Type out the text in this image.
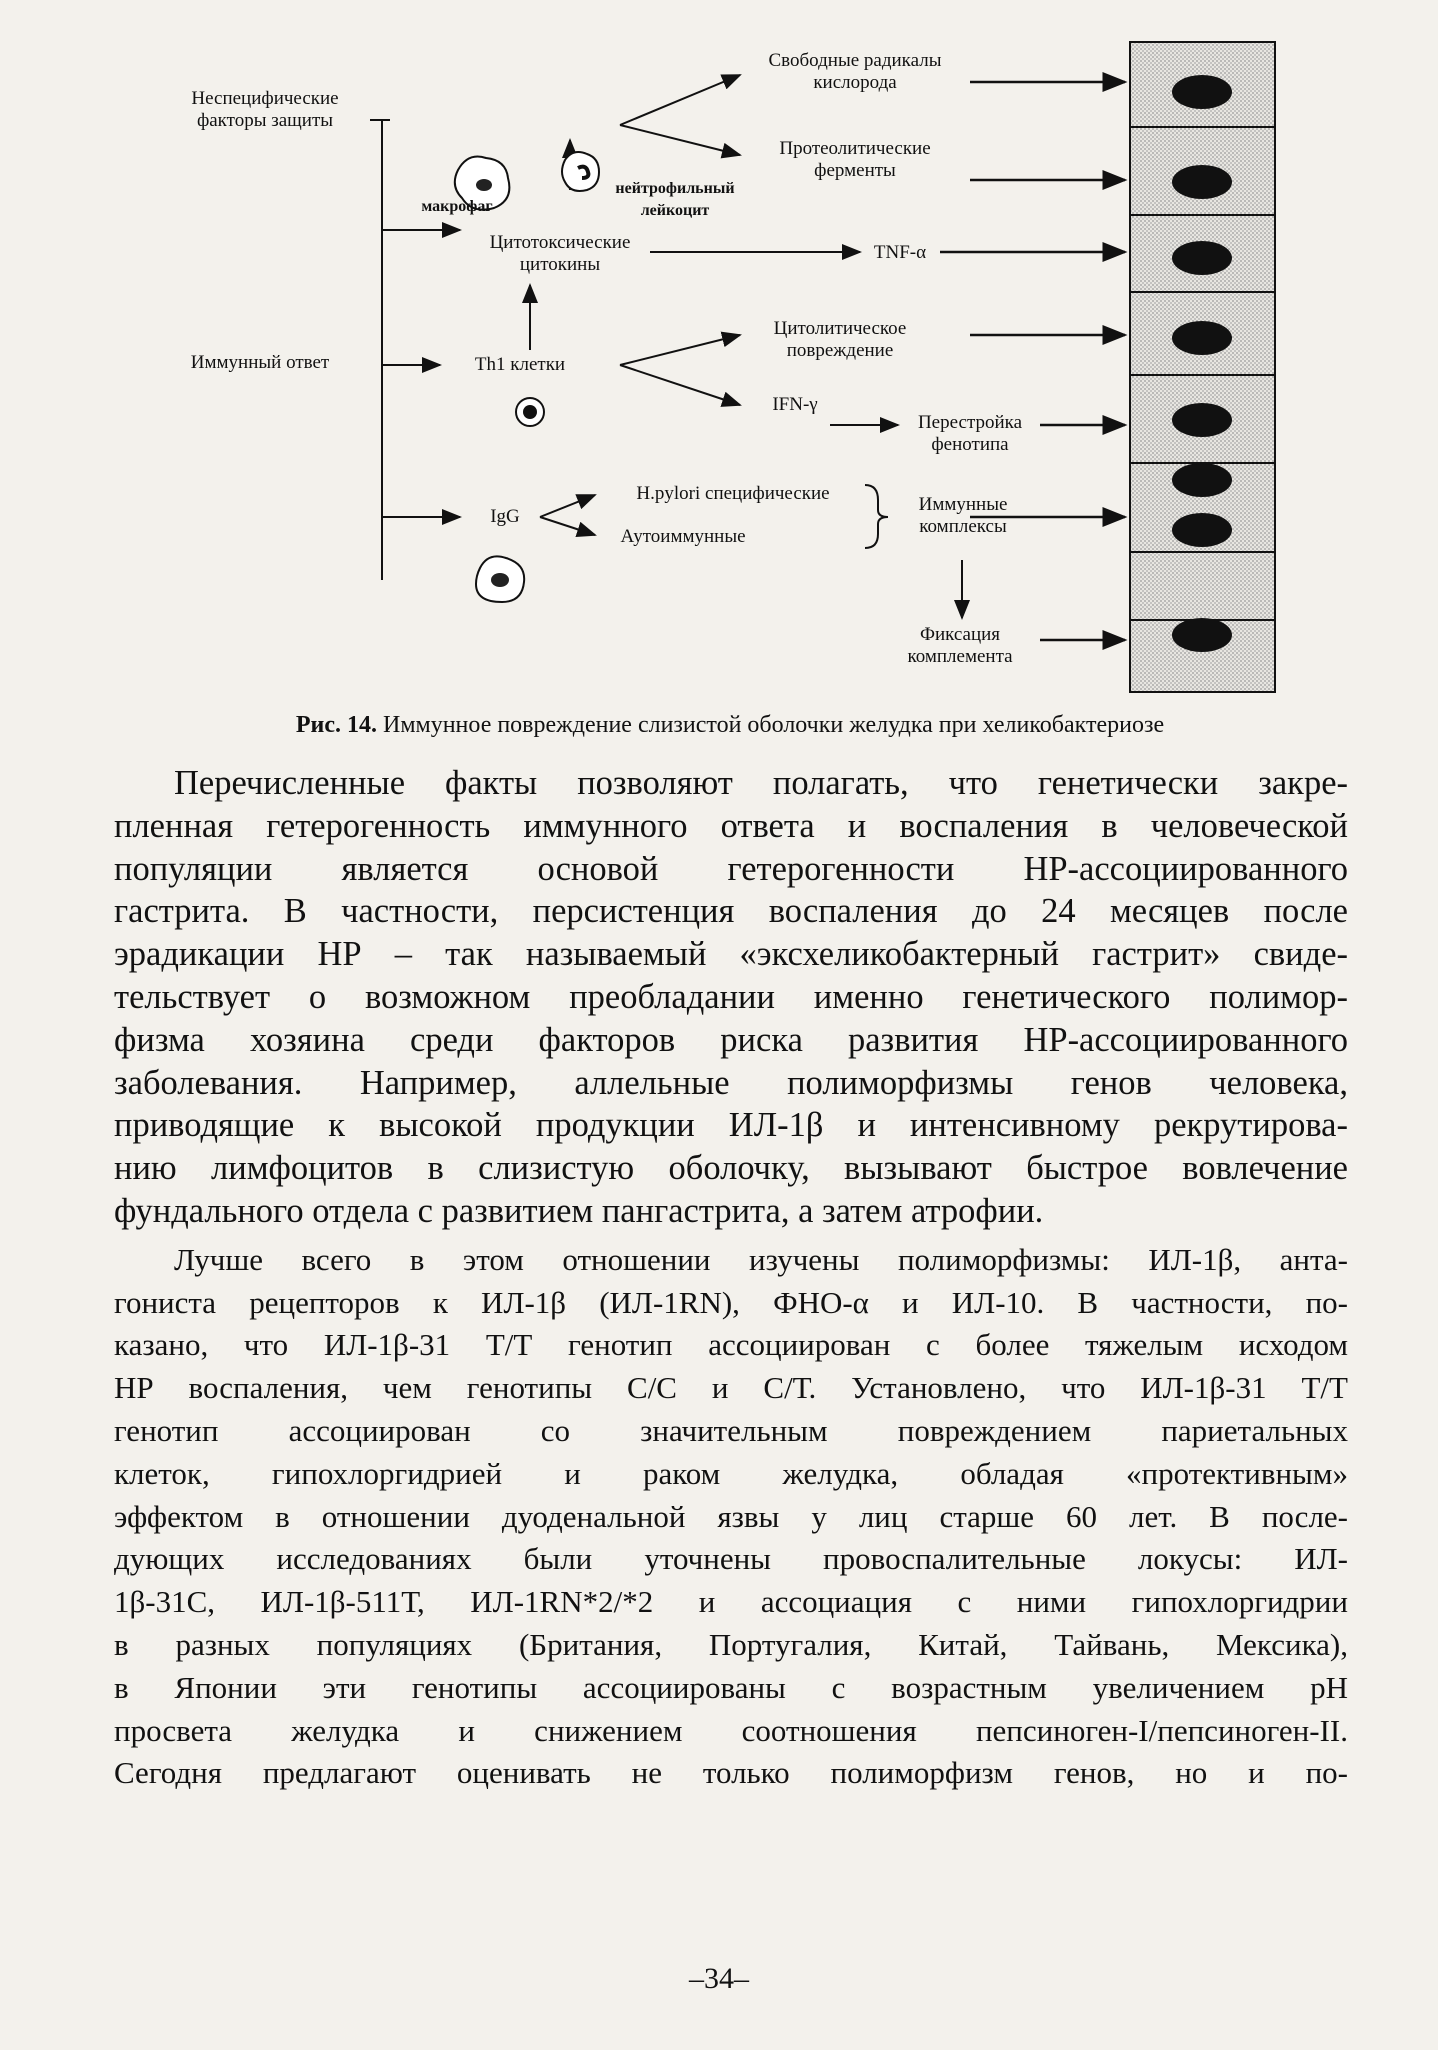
Неспецифические
факторы защиты
Иммунный ответ
Свободные радикалы
кислорода
Протеолитические
ферменты
макрофаг
нейтрофильный
лейкоцит
Цитотоксические
цитокины
TNF-α
Th1 клетки
Цитолитическое
повреждение
IFN-γ
Перестройка
фенотипа
IgG
H.pylori специфические
Аутоиммунные
Иммунные
комплексы
Фиксация
комплемента
Рис. 14. Иммунное повреждение слизистой оболочки желудка при хеликобактериозе
Перечисленные факты позволяют полагать, что генетически закре-
пленная гетерогенность иммунного ответа и воспаления в человеческой
популяции является основой гетерогенности НР-ассоциированного
гастрита. В частности, персистенция воспаления до 24 месяцев после
эрадикации НР – так называемый «эксхеликобактерный гастрит» свиде-
тельствует о возможном преобладании именно генетического полимор-
физма хозяина среди факторов риска развития НР-ассоциированного
заболевания. Например, аллельные полиморфизмы генов человека,
приводящие к высокой продукции ИЛ-1β и интенсивному рекрутирова-
нию лимфоцитов в слизистую оболочку, вызывают быстрое вовлечение
фундального отдела с развитием пангастрита, а затем атрофии.
Лучше всего в этом отношении изучены полиморфизмы: ИЛ-1β, анта-
гониста рецепторов к ИЛ-1β (ИЛ-1RN), ФНО-α и ИЛ-10. В частности, по-
казано, что ИЛ-1β-31 Т/Т генотип ассоциирован с более тяжелым исходом
НР воспаления, чем генотипы С/С и С/Т. Установлено, что ИЛ-1β-31 Т/Т
генотип ассоциирован со значительным повреждением париетальных
клеток, гипохлоргидрией и раком желудка, обладая «протективным»
эффектом в отношении дуоденальной язвы у лиц старше 60 лет. В после-
дующих исследованиях были уточнены провоспалительные локусы: ИЛ-
1β-31С, ИЛ-1β-511Т, ИЛ-1RN*2/*2 и ассоциация с ними гипохлоргидрии
в разных популяциях (Британия, Португалия, Китай, Тайвань, Мексика),
в Японии эти генотипы ассоциированы с возрастным увеличением рН
просвета желудка и снижением соотношения пепсиноген-I/пепсиноген-II.
Сегодня предлагают оценивать не только полиморфизм генов, но и по-
–34–
